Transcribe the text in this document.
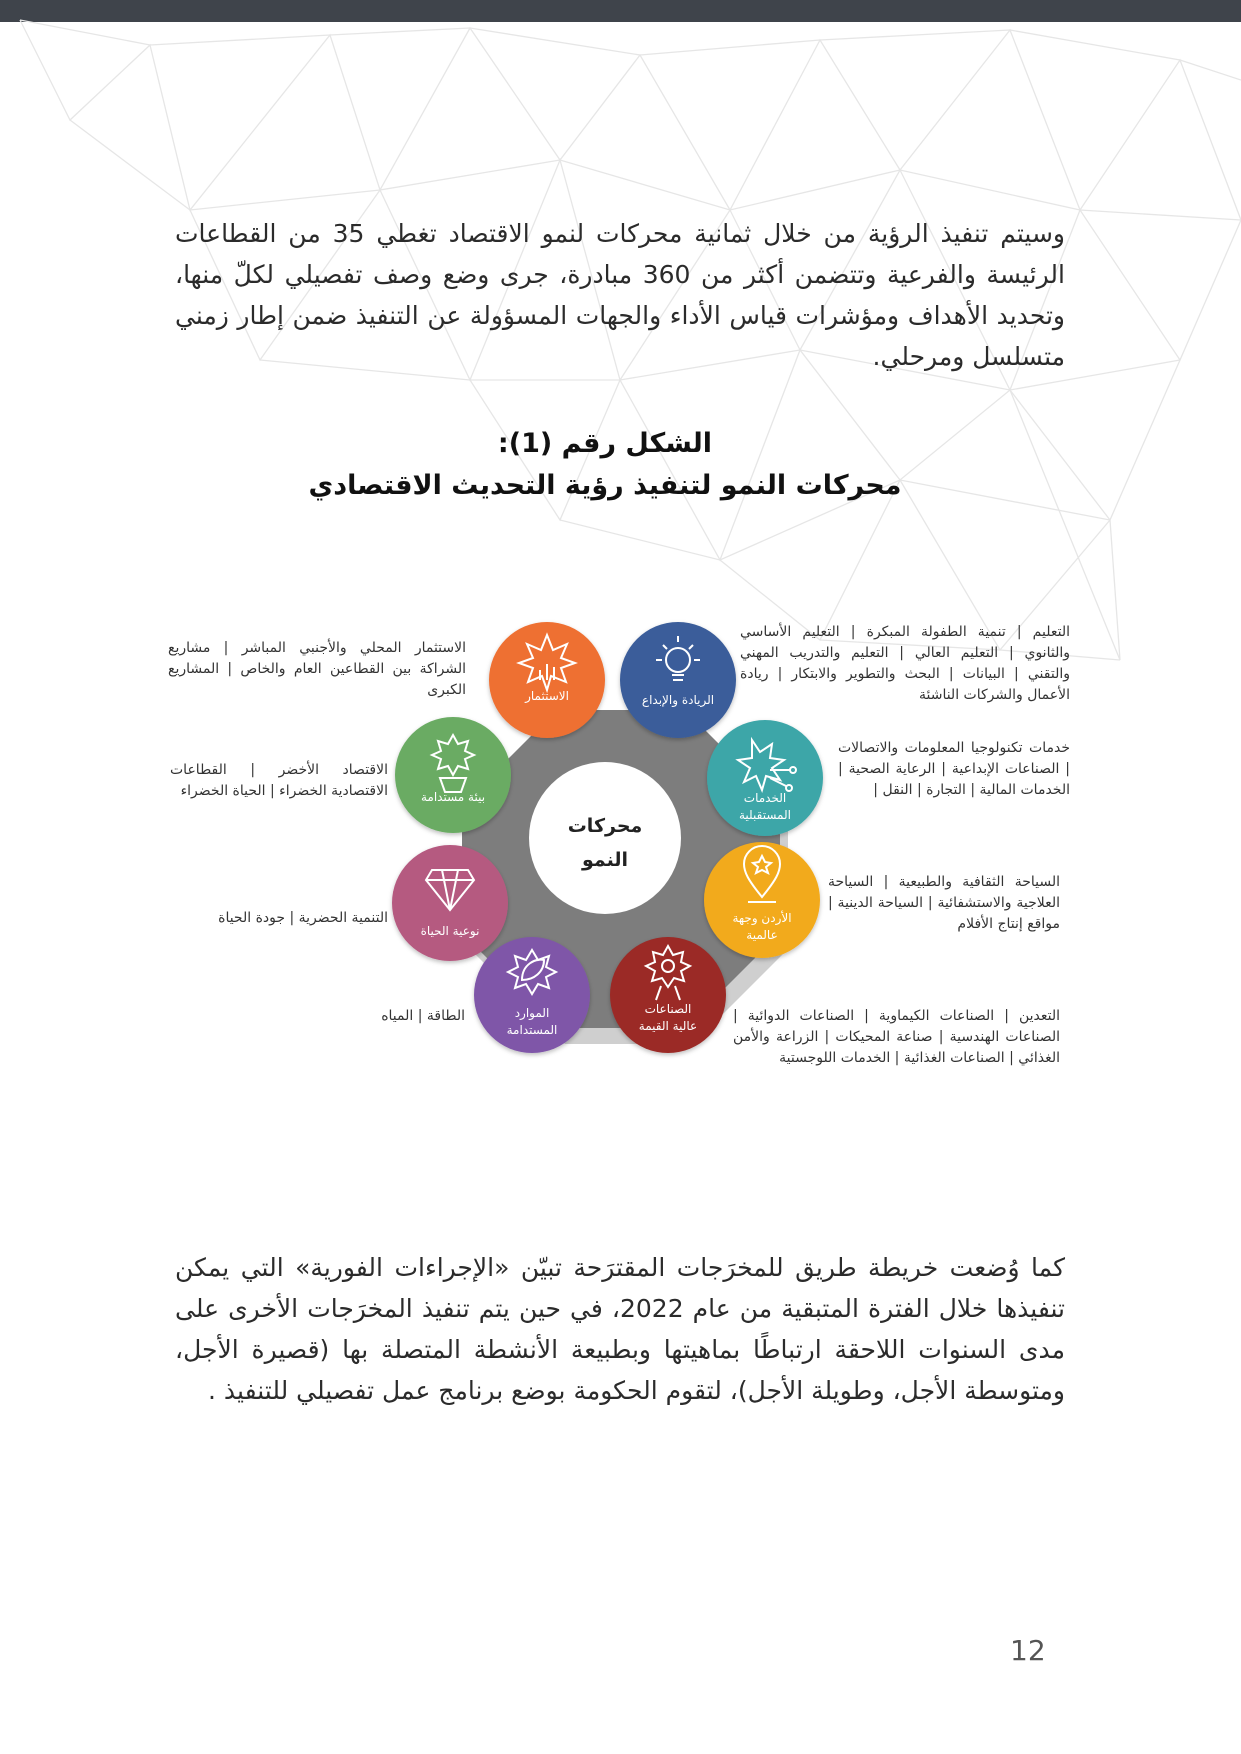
وسيتم تنفيذ الرؤية من خلال ثمانية محركات لنمو الاقتصاد تغطي 35 من القطاعات الرئيسة والفرعية وتتضمن أكثر من 360 مبادرة، جرى وضع وصف تفصيلي لكلّ منها، وتحديد الأهداف ومؤشرات قياس الأداء والجهات المسؤولة عن التنفيذ ضمن إطار زمني متسلسل ومرحلي.

الشكل رقم (1):
محركات النمو لتنفيذ رؤية التحديث الاقتصادي
محركات
النمو
الاستثمار	الريادة والإبداع
الخدمات
المستقبلية
الأردن وجهة
عالمية
الصناعات
عالية القيمة
الموارد
المستدامة
نوعية الحياة
بيئة مستدامة
الاستثمار المحلي والأجنبي المباشر | مشاريع الشراكة بين القطاعين العام والخاص | المشاريع الكبرى
التعليم | تنمية الطفولة المبكرة | التعليم الأساسي والثانوي | التعليم العالي | التعليم والتدريب المهني والتقني | البيانات | البحث والتطوير والابتكار | ريادة الأعمال والشركات الناشئة
خدمات تكنولوجيا المعلومات والاتصالات | الصناعات الإبداعية | الرعاية الصحية | الخدمات المالية | التجارة | النقل |
السياحة الثقافية والطبيعية | السياحة العلاجية والاستشفائية | السياحة الدينية | مواقع إنتاج الأفلام
التعدين | الصناعات الكيماوية | الصناعات الدوائية | الصناعات الهندسية | صناعة المحيكات | الزراعة والأمن الغذائي | الصناعات الغذائية | الخدمات اللوجستية
الطاقة | المياه
التنمية الحضرية | جودة الحياة
الاقتصاد الأخضر | القطاعات الاقتصادية الخضراء | الحياة الخضراء

كما وُضعت خريطة طريق للمخرَجات المقترَحة تبيّن «الإجراءات الفورية» التي يمكن تنفيذها خلال الفترة المتبقية من عام 2022، في حين يتم تنفيذ المخرَجات الأخرى على مدى السنوات اللاحقة ارتباطًا بماهيتها وبطبيعة الأنشطة المتصلة بها (قصيرة الأجل، ومتوسطة الأجل، وطويلة الأجل)، لتقوم الحكومة بوضع برنامج عمل تفصيلي للتنفيذ .

12
